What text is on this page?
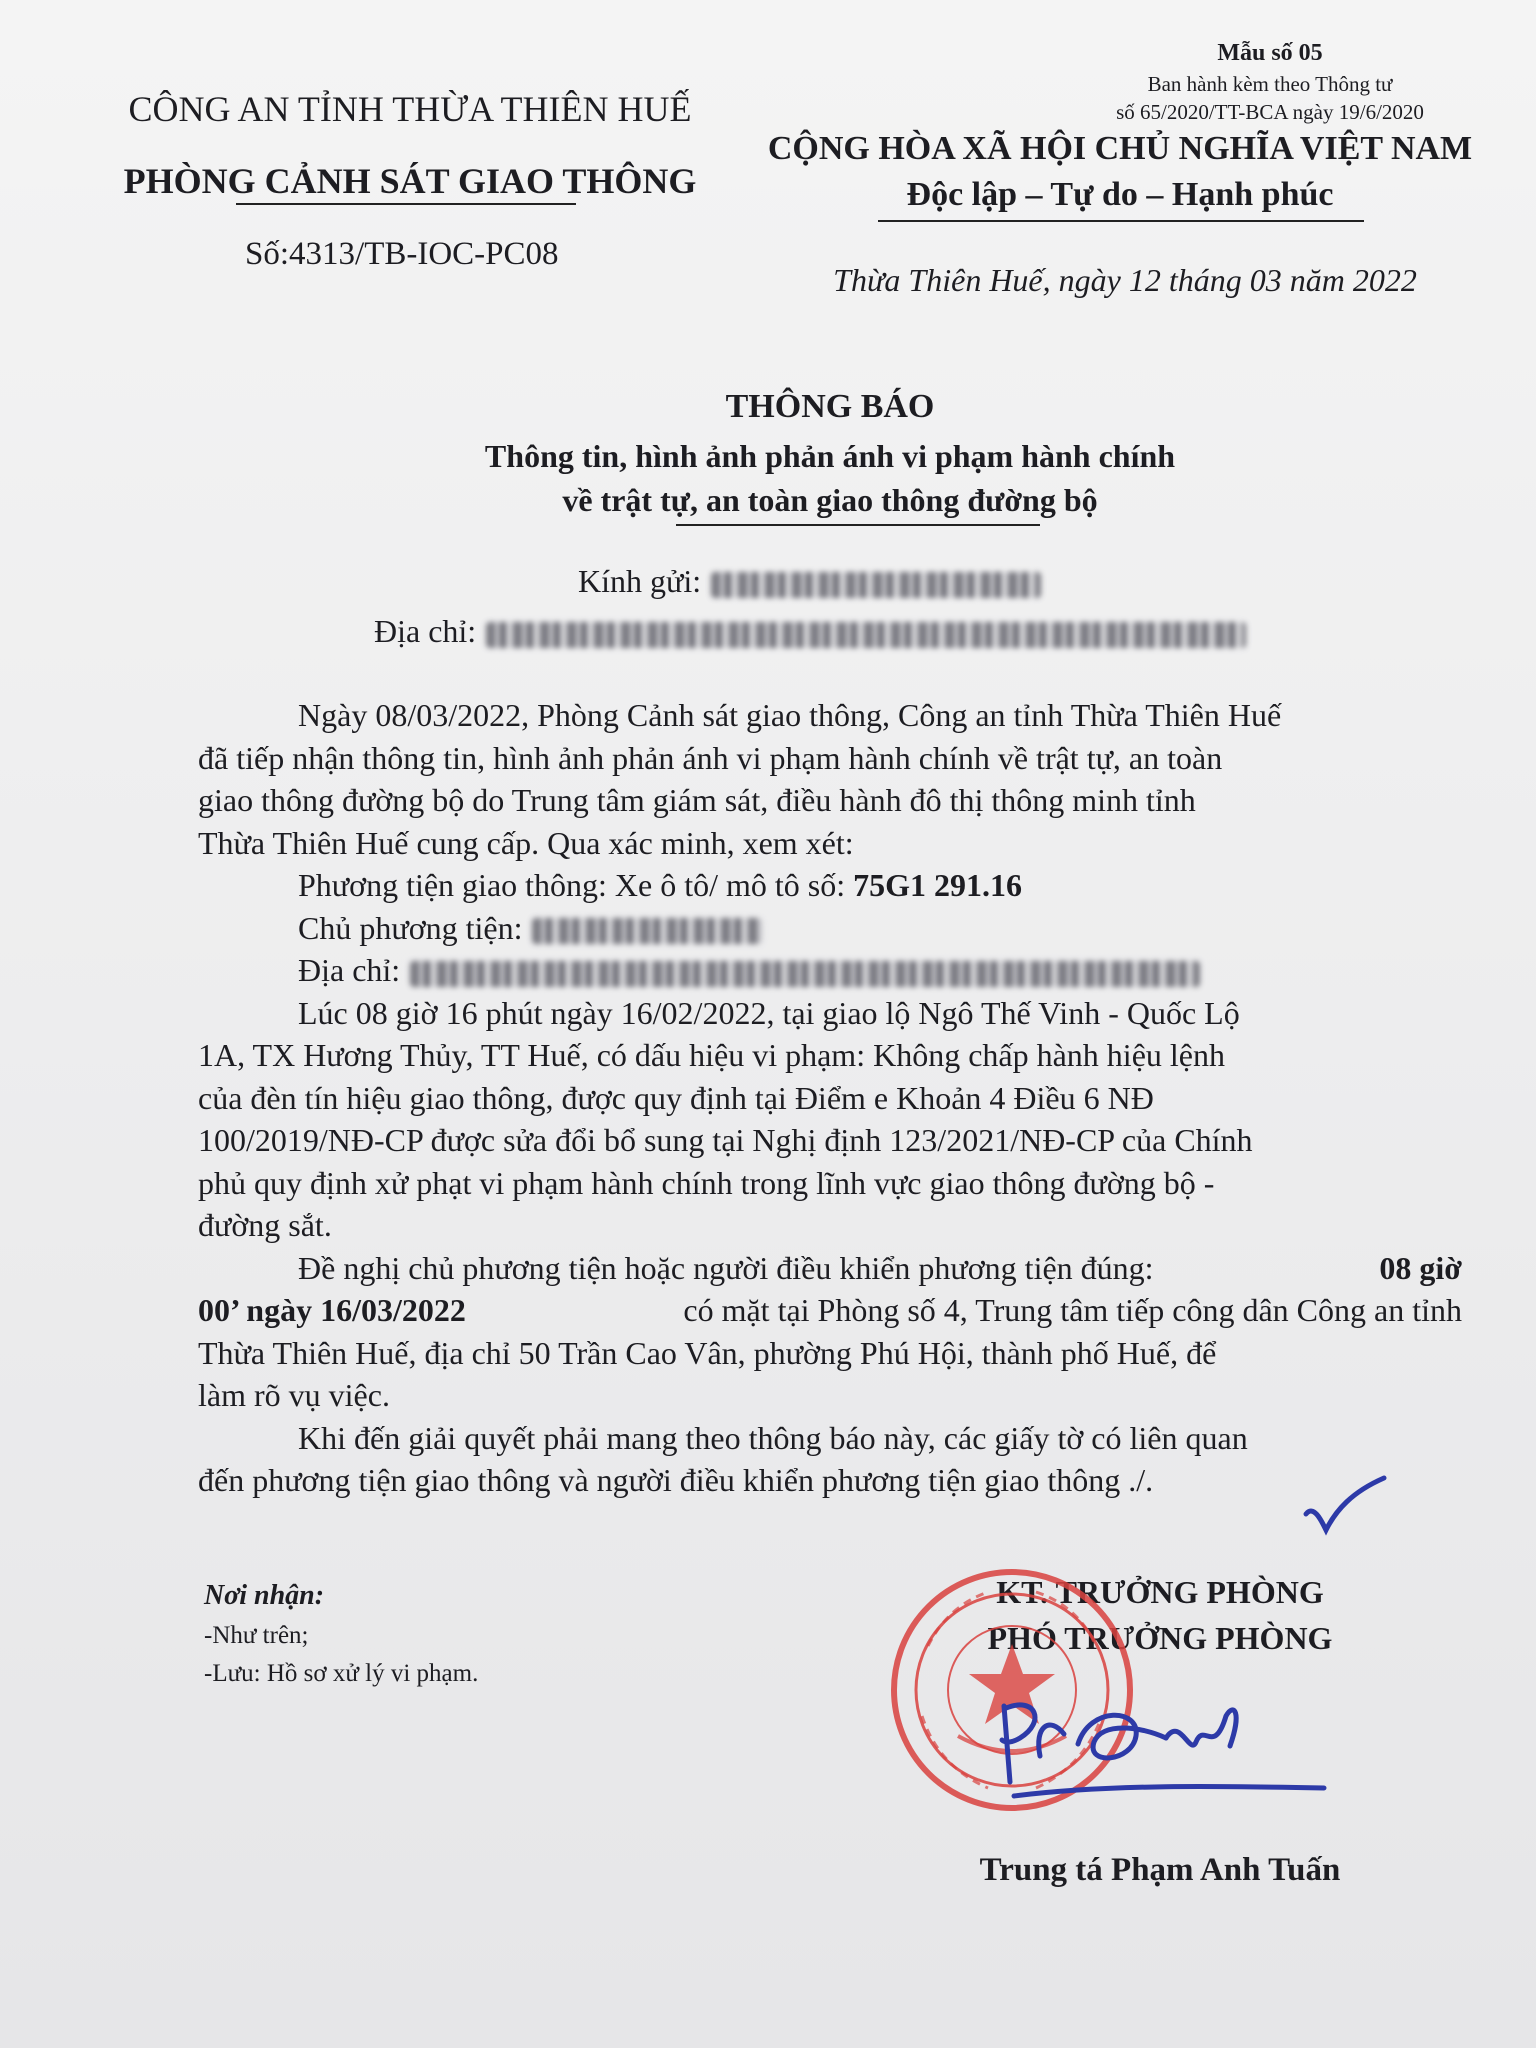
CÔNG AN TỈNH THỪA THIÊN HUẾ
PHÒNG CẢNH SÁT GIAO THÔNG
Số:4313/TB-IOC-PC08
Mẫu số 05
Ban hành kèm theo Thông tư
số 65/2020/TT-BCA ngày 19/6/2020
CỘNG HÒA XÃ HỘI CHỦ NGHĨA VIỆT NAM
Độc lập – Tự do – Hạnh phúc
Thừa Thiên Huế, ngày 12 tháng 03 năm 2022
THÔNG BÁO
Thông tin, hình ảnh phản ánh vi phạm hành chính
về trật tự, an toàn giao thông đường bộ
Kính gửi:
Địa chỉ:
Ngày 08/03/2022, Phòng Cảnh sát giao thông, Công an tỉnh Thừa Thiên Huế
đã tiếp nhận thông tin, hình ảnh phản ánh vi phạm hành chính về trật tự, an toàn
giao thông đường bộ do Trung tâm giám sát, điều hành đô thị thông minh tỉnh
Thừa Thiên Huế cung cấp. Qua xác minh, xem xét:
Phương tiện giao thông: Xe ô tô/ mô tô số: 75G1 291.16
Chủ phương tiện:
Địa chỉ:
Lúc 08 giờ 16 phút ngày 16/02/2022, tại giao lộ Ngô Thế Vinh - Quốc Lộ
1A, TX Hương Thủy, TT Huế, có dấu hiệu vi phạm: Không chấp hành hiệu lệnh
của đèn tín hiệu giao thông, được quy định tại Điểm e Khoản 4 Điều 6 NĐ
100/2019/NĐ-CP được sửa đổi bổ sung tại Nghị định 123/2021/NĐ-CP của Chính
phủ quy định xử phạt vi phạm hành chính trong lĩnh vực giao thông đường bộ -
đường sắt.
Đề nghị chủ phương tiện hoặc người điều khiển phương tiện đúng:	08 giờ
00’ ngày 16/03/2022	có mặt tại Phòng số 4, Trung tâm tiếp công dân Công an tỉnh
Thừa Thiên Huế, địa chỉ 50 Trần Cao Vân, phường Phú Hội, thành phố Huế, để
làm rõ vụ việc.
Khi đến giải quyết phải mang theo thông báo này, các giấy tờ có liên quan
đến phương tiện giao thông và người điều khiển phương tiện giao thông ./.
Nơi nhận:
-Như trên;
-Lưu: Hồ sơ xử lý vi phạm.
KT. TRƯỞNG PHÒNG
PHÓ TRƯỞNG PHÒNG
Trung tá Phạm Anh Tuấn
